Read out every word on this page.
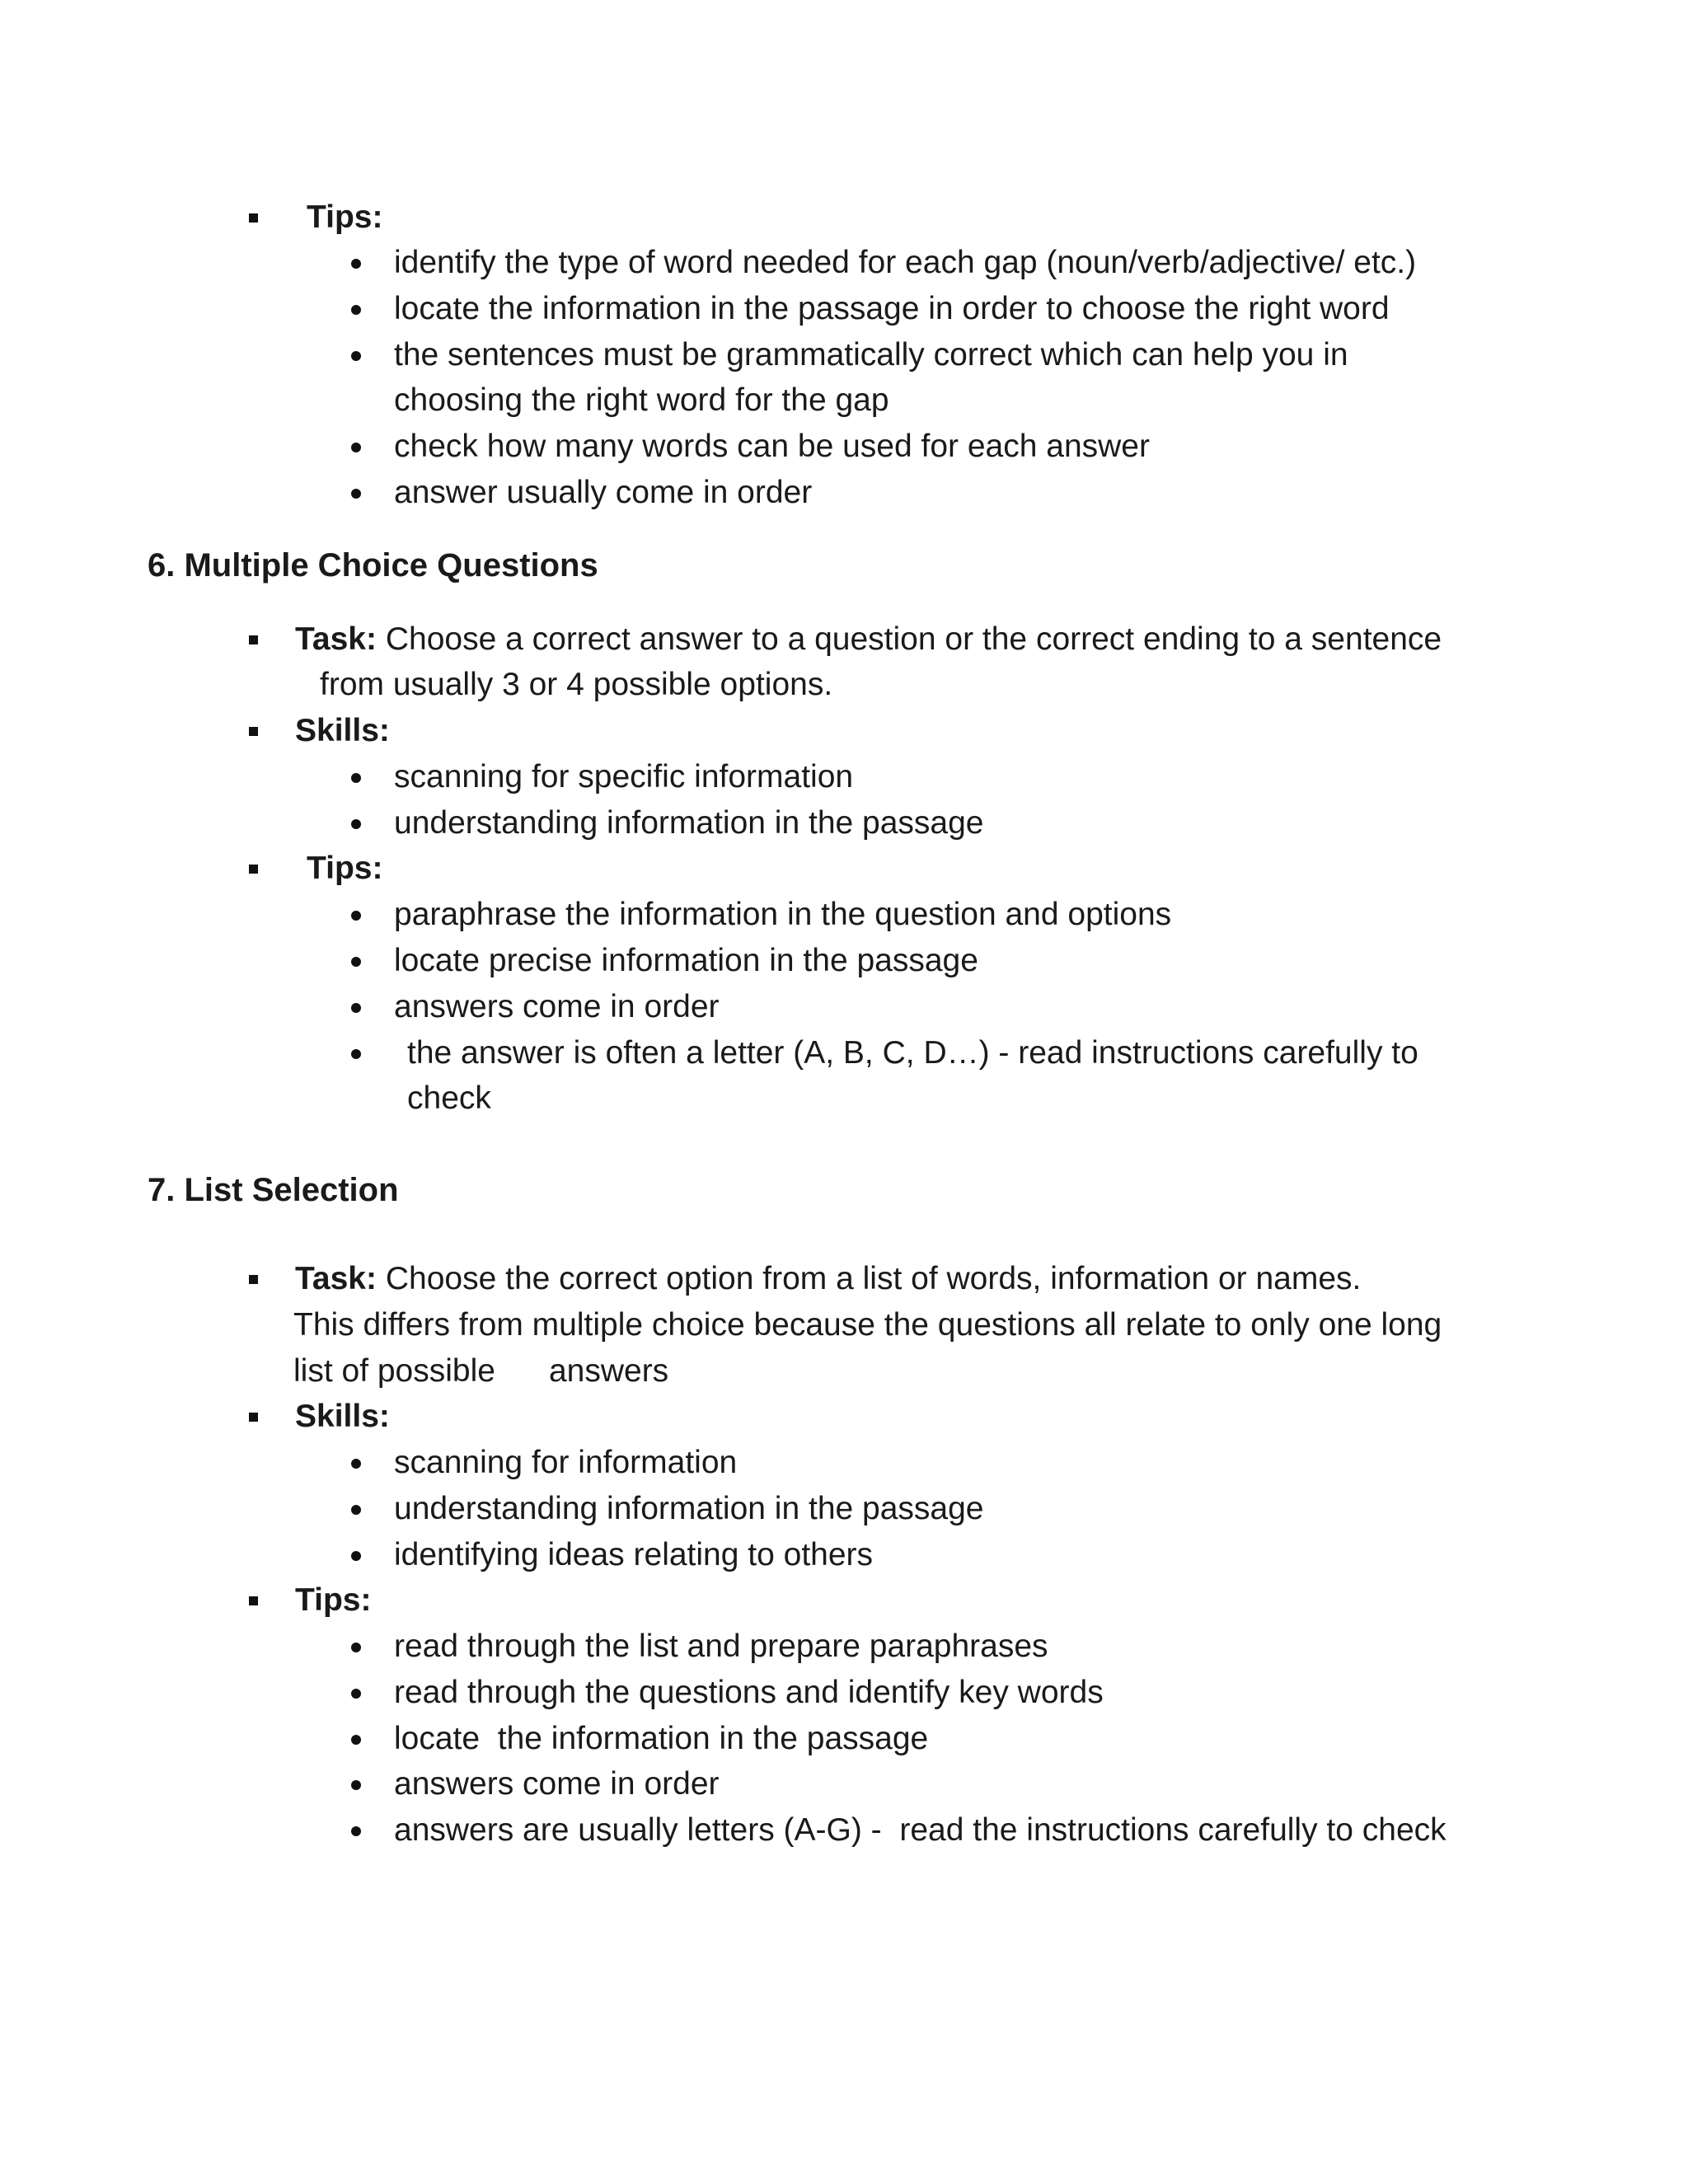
Tips:
identify the type of word needed for each gap (noun/verb/adjective/ etc.)
locate the information in the passage in order to choose the right word
the sentences must be grammatically correct which can help you in
choosing the right word for the gap
check how many words can be used for each answer
answer usually come in order
6. Multiple Choice Questions
Task: Choose a correct answer to a question or the correct ending to a sentence
from usually 3 or 4 possible options.
Skills:
scanning for specific information
understanding information in the passage
Tips:
paraphrase the information in the question and options
locate precise information in the passage
answers come in order
the answer is often a letter (A, B, C, D…) - read instructions carefully to
check
7. List Selection
Task: Choose the correct option from a list of words, information or names.
This differs from multiple choice because the questions all relate to only one long
list of possible      answers
Skills:
scanning for information
understanding information in the passage
identifying ideas relating to others
Tips:
read through the list and prepare paraphrases
read through the questions and identify key words
locate  the information in the passage
answers come in order
answers are usually letters (A-G) -  read the instructions carefully to check
